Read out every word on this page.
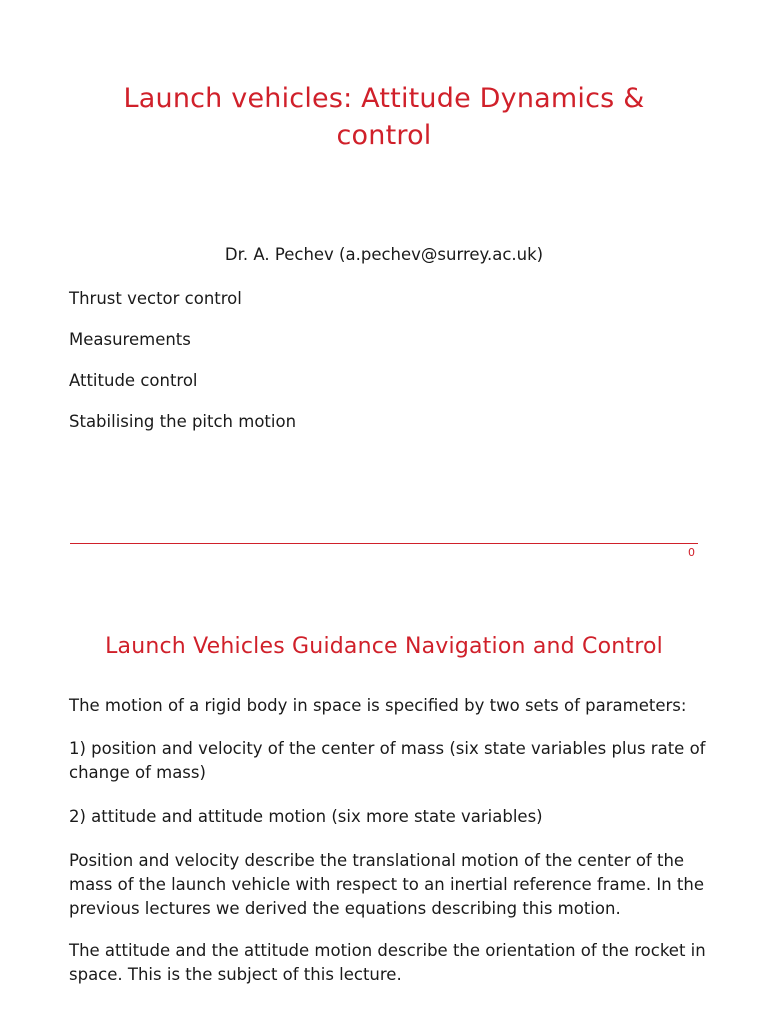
Launch vehicles: Attitude Dynamics &
control
Dr. A. Pechev (a.pechev@surrey.ac.uk)
Thrust vector control
Measurements
Attitude control
Stabilising the pitch motion
0
Launch Vehicles Guidance Navigation and Control

The motion of a rigid body in space is specified by two sets of parameters:

1) position and velocity of the center of mass (six state variables plus rate of change of mass)

2) attitude and attitude motion (six more state variables)

Position and velocity describe the translational motion of the center of the mass of the launch vehicle with respect to an inertial reference frame. In the previous lectures we derived the equations describing this motion.

The attitude and the attitude motion describe the orientation of the rocket in space. This is the subject of this lecture.
